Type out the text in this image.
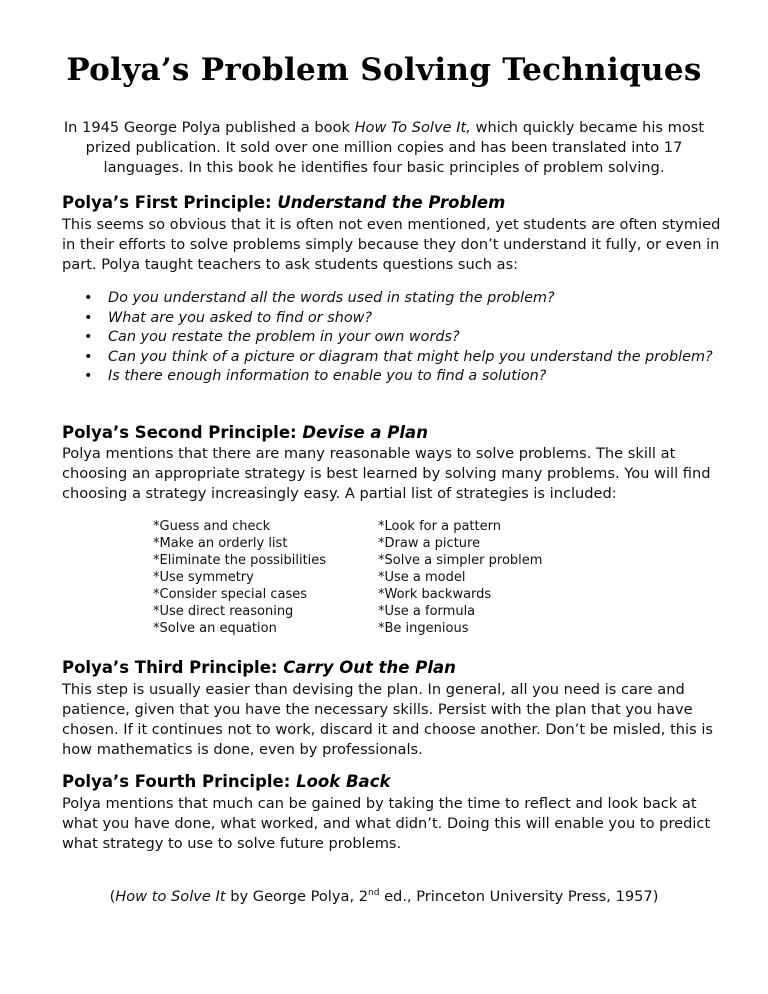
Polya’s Problem Solving Techniques

In 1945 George Polya published a book How To Solve It, which quickly became his most prized publication. It sold over one million copies and has been translated into 17 languages. In this book he identifies four basic principles of problem solving.

Polya’s First Principle: Understand the Problem

This seems so obvious that it is often not even mentioned, yet students are often stymied in their efforts to solve problems simply because they don’t understand it fully, or even in part. Polya taught teachers to ask students questions such as:

• Do you understand all the words used in stating the problem?
• What are you asked to find or show?
• Can you restate the problem in your own words?
• Can you think of a picture or diagram that might help you understand the problem?
• Is there enough information to enable you to find a solution?
Polya’s Second Principle: Devise a Plan

Polya mentions that there are many reasonable ways to solve problems. The skill at choosing an appropriate strategy is best learned by solving many problems. You will find choosing a strategy increasingly easy. A partial list of strategies is included:

*Guess and check
*Make an orderly list
*Eliminate the possibilities
*Use symmetry
*Consider special cases
*Use direct reasoning
*Solve an equation
*Look for a pattern
*Draw a picture
*Solve a simpler problem
*Use a model
*Work backwards
*Use a formula
*Be ingenious
Polya’s Third Principle: Carry Out the Plan

This step is usually easier than devising the plan. In general, all you need is care and patience, given that you have the necessary skills. Persist with the plan that you have chosen. If it continues not to work, discard it and choose another. Don’t be misled, this is how mathematics is done, even by professionals.

Polya’s Fourth Principle: Look Back

Polya mentions that much can be gained by taking the time to reflect and look back at what you have done, what worked, and what didn’t. Doing this will enable you to predict what strategy to use to solve future problems.

(How to Solve It by George Polya, 2nd ed., Princeton University Press, 1957)
